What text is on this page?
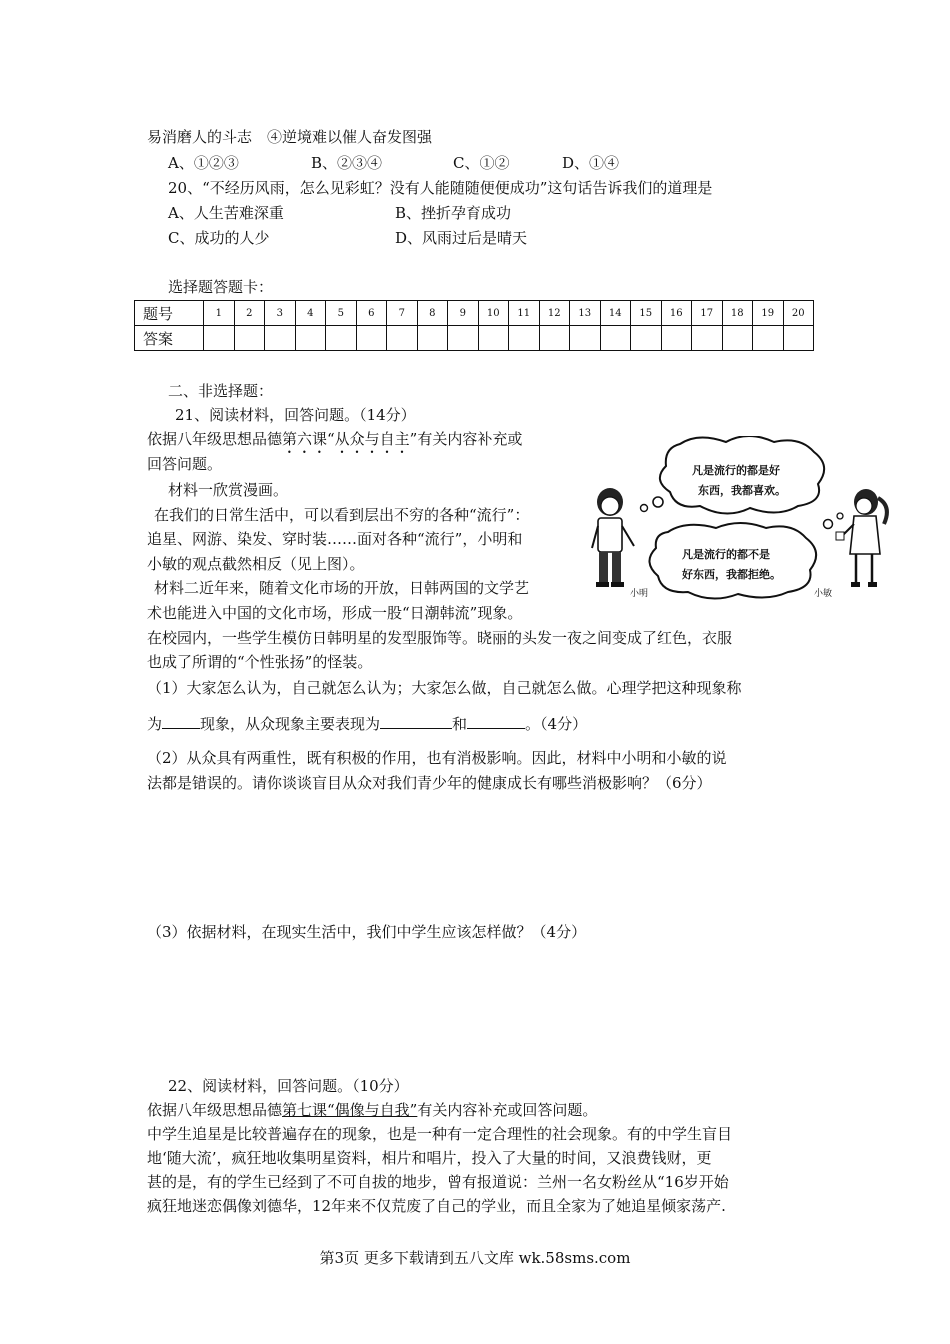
易消磨人的斗志　④逆境难以催人奋发图强
A、①②③	B、②③④	C、①②	D、①④
20、“不经历风雨，怎么见彩虹？没有人能随随便便成功”这句话告诉我们的道理是
A、人生苦难深重	B、挫折孕育成功
C、成功的人少	D、风雨过后是晴天
选择题答题卡：
题号	1	2	3	4	5	6	7	8	9	10	11	12	13	14	15	16	17	18	19	20
答案																				
二、非选择题：
21、阅读材料，回答问题。（14分）
依据八年级思想品德第六课“从众与自主”有关内容补充或
回答问题。
材料一欣赏漫画。
在我们的日常生活中，可以看到层出不穷的各种“流行”：
追星、网游、染发、穿时装……面对各种“流行”，小明和
小敏的观点截然相反（见上图）。
材料二近年来，随着文化市场的开放，日韩两国的文学艺
术也能进入中国的文化市场，形成一股“日潮韩流”现象。
在校园内，一些学生模仿日韩明星的发型服饰等。晓丽的头发一夜之间变成了红色，衣服
也成了所谓的“个性张扬”的怪装。
（1）大家怎么认为，自己就怎么认为；大家怎么做，自己就怎么做。心理学把这种现象称
为	现象，从众现象主要表现为	和	。（4分）
（2）从众具有两重性，既有积极的作用，也有消极影响。因此，材料中小明和小敏的说
法都是错误的。请你谈谈盲目从众对我们青少年的健康成长有哪些消极影响？（6分）
（3）依据材料，在现实生活中，我们中学生应该怎样做？（4分）
凡是流行的都是好
东西，我都喜欢。
凡是流行的都不是
好东西，我都拒绝。
小明	小敏
22、阅读材料，回答问题。（10分）
依据八年级思想品德第七课“偶像与自我”有关内容补充或回答问题。
中学生追星是比较普遍存在的现象，也是一种有一定合理性的社会现象。有的中学生盲目
地‘随大流’，疯狂地收集明星资料，相片和唱片，投入了大量的时间，又浪费钱财，更
甚的是，有的学生已经到了不可自拔的地步，曾有报道说：兰州一名女粉丝从“16岁开始
疯狂地迷恋偶像刘德华，12年来不仅荒废了自己的学业，而且全家为了她追星倾家荡产.
第3页 更多下载请到五八文库 wk.58sms.com
